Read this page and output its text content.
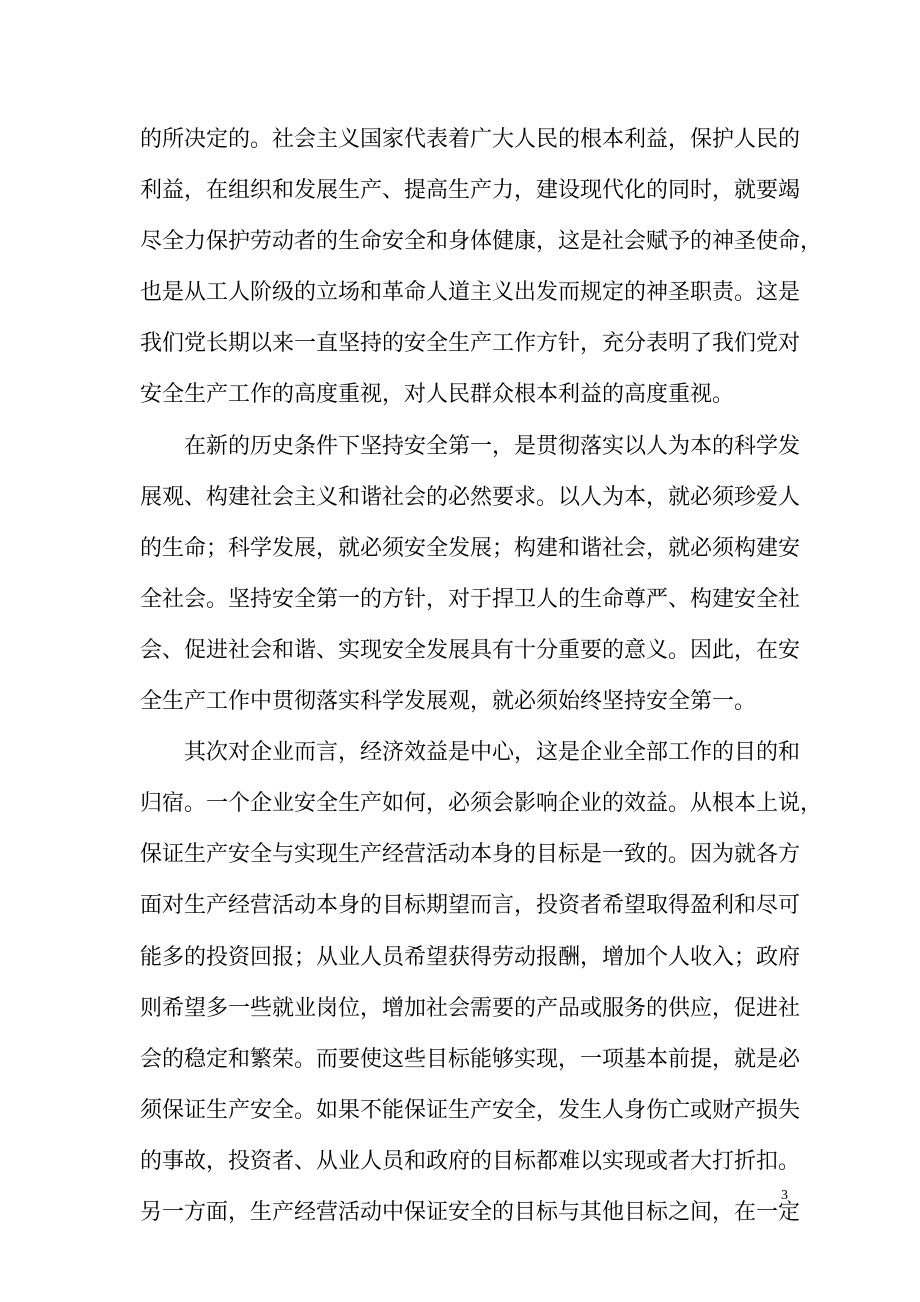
的所决定的。社会主义国家代表着广大人民的根本利益，保护人民的
利益，在组织和发展生产、提高生产力，建设现代化的同时，就要竭
尽全力保护劳动者的生命安全和身体健康，这是社会赋予的神圣使命，
也是从工人阶级的立场和革命人道主义出发而规定的神圣职责。这是
我们党长期以来一直坚持的安全生产工作方针，充分表明了我们党对
安全生产工作的高度重视，对人民群众根本利益的高度重视。
在新的历史条件下坚持安全第一，是贯彻落实以人为本的科学发
展观、构建社会主义和谐社会的必然要求。以人为本，就必须珍爱人
的生命；科学发展，就必须安全发展；构建和谐社会，就必须构建安
全社会。坚持安全第一的方针，对于捍卫人的生命尊严、构建安全社
会、促进社会和谐、实现安全发展具有十分重要的意义。因此，在安
全生产工作中贯彻落实科学发展观，就必须始终坚持安全第一。
其次对企业而言，经济效益是中心，这是企业全部工作的目的和
归宿。一个企业安全生产如何，必须会影响企业的效益。从根本上说，
保证生产安全与实现生产经营活动本身的目标是一致的。因为就各方
面对生产经营活动本身的目标期望而言，投资者希望取得盈利和尽可
能多的投资回报；从业人员希望获得劳动报酬，增加个人收入；政府
则希望多一些就业岗位，增加社会需要的产品或服务的供应，促进社
会的稳定和繁荣。而要使这些目标能够实现，一项基本前提，就是必
须保证生产安全。如果不能保证生产安全，发生人身伤亡或财产损失
的事故，投资者、从业人员和政府的目标都难以实现或者大打折扣。
另一方面，生产经营活动中保证安全的目标与其他目标之间，在一定
3
